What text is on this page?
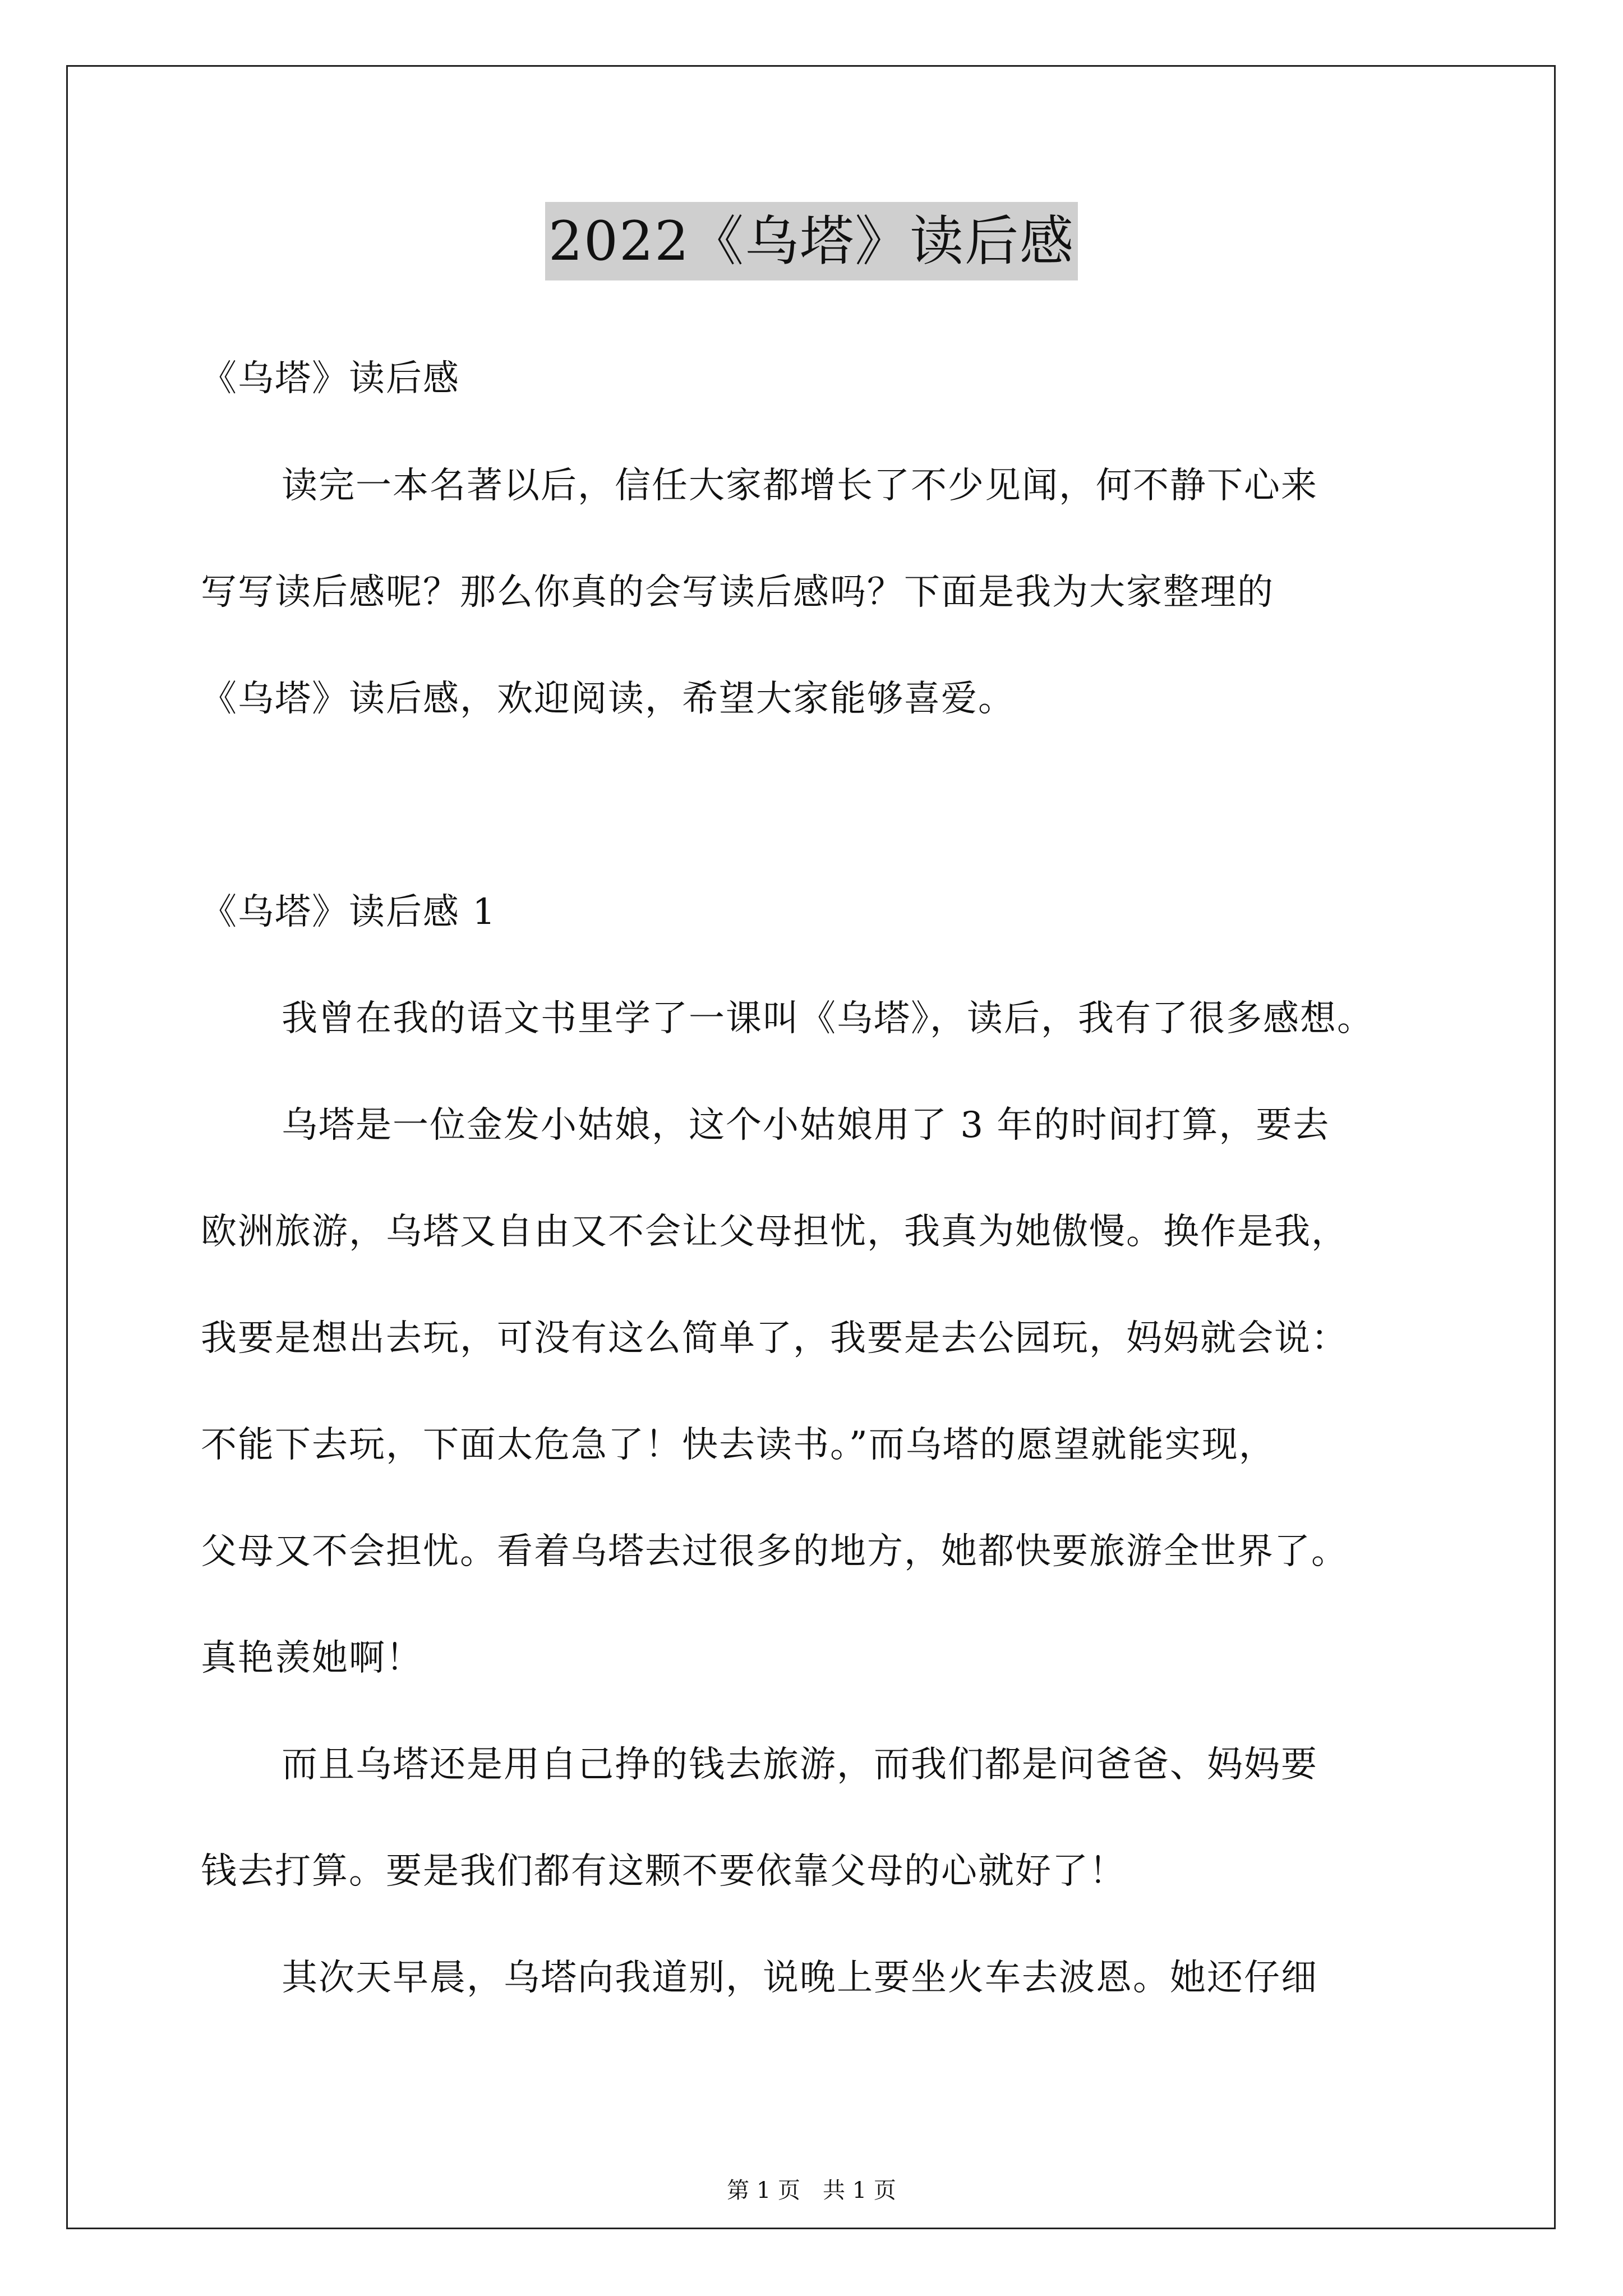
2022《乌塔》读后感
《乌塔》读后感
读完一本名著以后，信任大家都增长了不少见闻，何不静下心来
写写读后感呢？那么你真的会写读后感吗？下面是我为大家整理的
《乌塔》读后感，欢迎阅读，希望大家能够喜爱。
《乌塔》读后感 1
我曾在我的语文书里学了一课叫《乌塔》，读后，我有了很多感想。
乌塔是一位金发小姑娘，这个小姑娘用了 3 年的时间打算，要去
欧洲旅游，乌塔又自由又不会让父母担忧，我真为她傲慢。换作是我，
我要是想出去玩，可没有这么简单了，我要是去公园玩，妈妈就会说：
不能下去玩，下面太危急了！快去读书。”而乌塔的愿望就能实现，
父母又不会担忧。看着乌塔去过很多的地方，她都快要旅游全世界了。
真艳羡她啊！
而且乌塔还是用自己挣的钱去旅游，而我们都是问爸爸、妈妈要
钱去打算。要是我们都有这颗不要依靠父母的心就好了！
其次天早晨，乌塔向我道别，说晚上要坐火车去波恩。她还仔细
第 1 页　共 1 页
